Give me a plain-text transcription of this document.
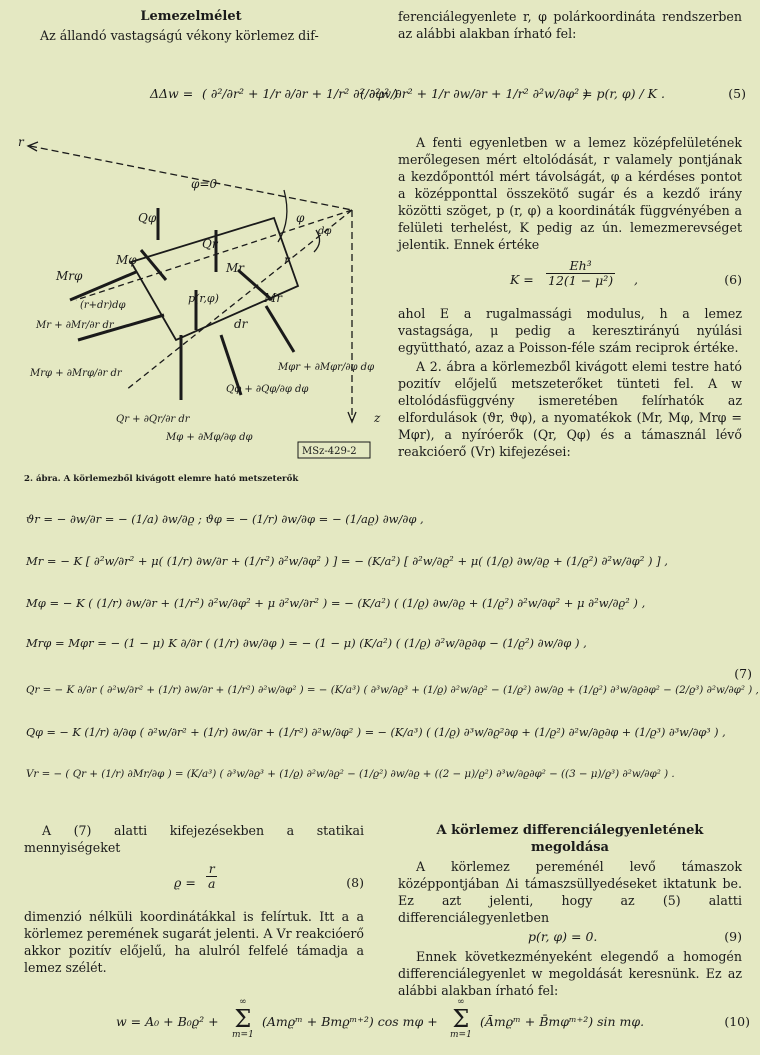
Lemezelmélet

Az állandó vastagságú vékony körlemez dif-

ferenciálegyenlete r, φ polárkoordináta rendszerben az alábbi alakban írható fel:

ΔΔw = ( ∂²/∂r² + 1/r ∂/∂r + 1/r² ∂²/∂φ² )
( ∂²w/∂r² + 1/r ∂w/∂r + 1/r² ∂²w/∂φ² )
= p(r, φ) / K .	(5)
r
z
φ=0
φ
dφ
Mrφ
Mφ
Mr
Mr
Qr
Qφ
p(r,φ)
r
dr
(r+dr)dφ
Mr + ∂Mr/∂r dr
Mrφ + ∂Mrφ/∂r dr
Qr + ∂Qr/∂r dr
Qφ + ∂Qφ/∂φ dφ
Mφ + ∂Mφ/∂φ dφ
Mφr + ∂Mφr/∂φ dφ
MSz-429-2
2. ábra. A körlemezből kivágott elemre ható metszeterők

A fenti egyenletben w a lemez középfelületének merőlegesen mért eltolódását, r valamely pontjának a kezdőponttól mért távolságát, φ a kérdéses pontot a középponttal összekötő sugár és a kezdő irány közötti szöget, p (r, φ) a koordináták függvényében a felületi terhelést, K pedig az ún. lemezmerevséget jelentik. Ennek értéke

$K = \frac{\text{Eh³}}{\text{12(1 − μ²)}}$ ,	(6)

ahol E a rugalmassági modulus, h a lemez vastagsága, μ pedig a keresztirányú nyúlási együttható, azaz a Poisson-féle szám reciprok értéke.

A 2. ábra a körlemezből kivágott elemi testre ható pozitív előjelű metszeterőket tünteti fel. A w eltolódásfüggvény ismeretében felírhatók az elfordulások (ϑr, ϑφ), a nyomatékok (Mr, Mφ, Mrφ = Mφr), a nyíróerők (Qr, Qφ) és a támasznál lévő reakcióerő (Vr) kifejezései:

ϑr = − ∂w/∂r = − (1/a) ∂w/∂ϱ ; ϑφ = − (1/r) ∂w/∂φ = − (1/aϱ) ∂w/∂φ ,
Mr = − K [ ∂²w/∂r² + μ( (1/r) ∂w/∂r + (1/r²) ∂²w/∂φ² ) ] = − (K/a²) [ ∂²w/∂ϱ² + μ( (1/ϱ) ∂w/∂ϱ + (1/ϱ²) ∂²w/∂φ² ) ] ,
Mφ = − K ( (1/r) ∂w/∂r + (1/r²) ∂²w/∂φ² + μ ∂²w/∂r² ) = − (K/a²) ( (1/ϱ) ∂w/∂ϱ + (1/ϱ²) ∂²w/∂φ² + μ ∂²w/∂ϱ² ) ,
Mrφ = Mφr = − (1 − μ) K ∂/∂r ( (1/r) ∂w/∂φ ) = − (1 − μ) (K/a²) ( (1/ϱ) ∂²w/∂ϱ∂φ − (1/ϱ²) ∂w/∂φ ) ,
Qr = − K ∂/∂r ( ∂²w/∂r² + (1/r) ∂w/∂r + (1/r²) ∂²w/∂φ² ) = − (K/a³) ( ∂³w/∂ϱ³ + (1/ϱ) ∂²w/∂ϱ² − (1/ϱ²) ∂w/∂ϱ + (1/ϱ²) ∂³w/∂ϱ∂φ² − (2/ϱ³) ∂²w/∂φ² ) ,
Qφ = − K (1/r) ∂/∂φ ( ∂²w/∂r² + (1/r) ∂w/∂r + (1/r²) ∂²w/∂φ² ) = − (K/a³) ( (1/ϱ) ∂³w/∂ϱ²∂φ + (1/ϱ²) ∂²w/∂ϱ∂φ + (1/ϱ³) ∂³w/∂φ³ ) ,
Vr = − ( Qr + (1/r) ∂Mr/∂φ ) = (K/a³) ( ∂³w/∂ϱ³ + (1/ϱ) ∂²w/∂ϱ² − (1/ϱ²) ∂w/∂ϱ + ((2 − μ)/ϱ²) ∂³w/∂ϱ∂φ² − ((3 − μ)/ϱ³) ∂²w/∂φ² ) .
(7)

A (7) alatti kifejezésekben a statikai mennyiségeket

$ϱ = \frac{r}{a}$	(8)

dimenzió nélküli koordinátákkal is felírtuk. Itt a a körlemez peremének sugarát jelenti. A Vr reakcióerő akkor pozitív előjelű, ha alulról felfelé támadja a lemez szélét.

A körlemez differenciálegyenletének megoldása

A körlemez pereménél levő támaszok középpontjában Δi támaszsüllyedéseket iktatunk be. Ez azt jelenti, hogy az (5) alatti differenciálegyenletben

p(r, φ) = 0.	(9)

Ennek következményeként elegendő a homogén differenciálegyenlet w megoldását keresnünk. Ez az alábbi alakban írható fel:

w = A₀ + B₀ϱ² +
∞
Σ
m=1
(Amϱᵐ + Bmϱᵐ⁺²) cos mφ +
∞
Σ
m=1
(Āmϱᵐ + B̄mφᵐ⁺²) sin mφ.	(10)
